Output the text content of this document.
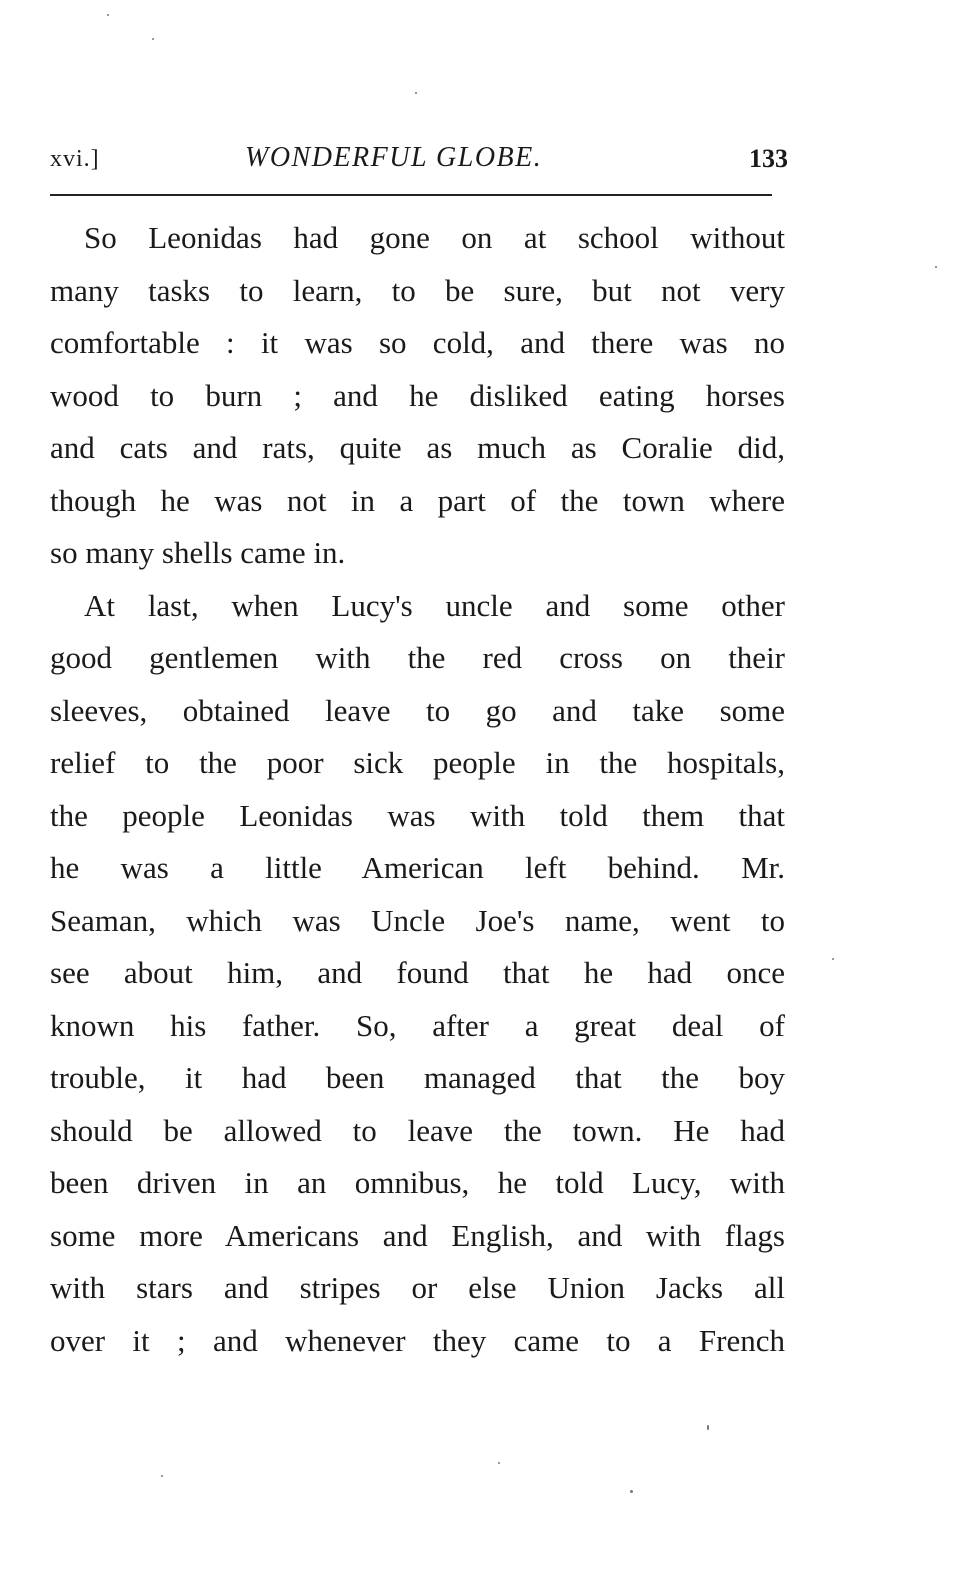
xvi.]	WONDERFUL GLOBE.	133
So Leonidas had gone on at school without
many tasks to learn, to be sure, but not very
comfortable : it was so cold, and there was no
wood to burn ; and he disliked eating horses
and cats and rats, quite as much as Coralie did,
though he was not in a part of the town where
so many shells came in.
At last, when Lucy's uncle and some other
good gentlemen with the red cross on their
sleeves, obtained leave to go and take some
relief to the poor sick people in the hospitals,
the people Leonidas was with told them that
he was a little American left behind. Mr.
Seaman, which was Uncle Joe's name, went to
see about him, and found that he had once
known his father. So, after a great deal of
trouble, it had been managed that the boy
should be allowed to leave the town. He had
been driven in an omnibus, he told Lucy, with
some more Americans and English, and with flags
with stars and stripes or else Union Jacks all
over it ; and whenever they came to a French
